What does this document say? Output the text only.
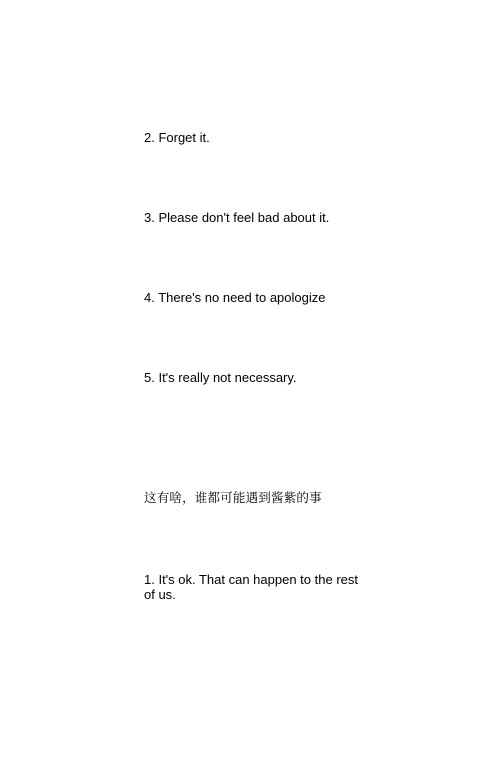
2. Forget it.
3. Please don't feel bad about it.
4. There's no need to apologize
5. It's really not necessary.
这有啥，谁都可能遇到酱紫的事
1. It's ok. That can happen to the rest of us.
